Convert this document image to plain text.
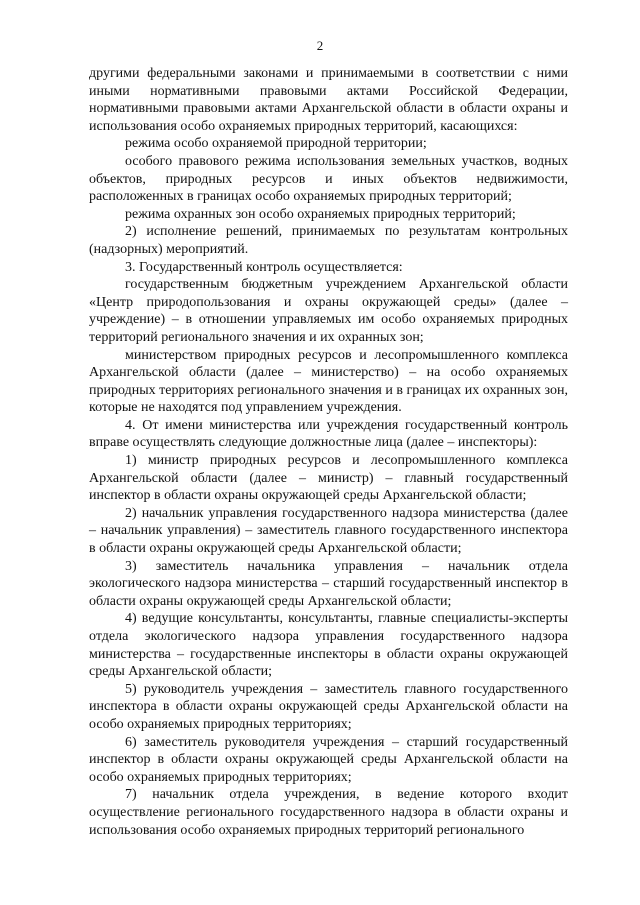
2

другими федеральными законами и принимаемыми в соответствии с ними иными нормативными правовыми актами Российской Федерации, нормативными правовыми актами Архангельской области в области охраны и использования особо охраняемых природных территорий, касающихся:

режима особо охраняемой природной территории;

особого правового режима использования земельных участков, водных объектов, природных ресурсов и иных объектов недвижимости, расположенных в границах особо охраняемых природных территорий;

режима охранных зон особо охраняемых природных территорий;

2) исполнение решений, принимаемых по результатам контрольных (надзорных) мероприятий.

3. Государственный контроль осуществляется:

государственным бюджетным учреждением Архангельской области «Центр природопользования и охраны окружающей среды» (далее – учреждение) – в отношении управляемых им особо охраняемых природных территорий регионального значения и их охранных зон;

министерством природных ресурсов и лесопромышленного комплекса Архангельской области (далее – министерство) – на особо охраняемых природных территориях регионального значения и в границах их охранных зон, которые не находятся под управлением учреждения.

4. От имени министерства или учреждения государственный контроль вправе осуществлять следующие должностные лица (далее – инспекторы):

1) министр природных ресурсов и лесопромышленного комплекса Архангельской области (далее – министр) – главный государственный инспектор в области охраны окружающей среды Архангельской области;

2) начальник управления государственного надзора министерства (далее – начальник управления) – заместитель главного государственного инспектора в области охраны окружающей среды Архангельской области;

3) заместитель начальника управления – начальник отдела экологического надзора министерства – старший государственный инспектор в области охраны окружающей среды Архангельской области;

4) ведущие консультанты, консультанты, главные специалисты-эксперты отдела экологического надзора управления государственного надзора министерства – государственные инспекторы в области охраны окружающей среды Архангельской области;

5) руководитель учреждения – заместитель главного государственного инспектора в области охраны окружающей среды Архангельской области на особо охраняемых природных территориях;

6) заместитель руководителя учреждения – старший государственный инспектор в области охраны окружающей среды Архангельской области на особо охраняемых природных территориях;

7) начальник отдела учреждения, в ведение которого входит осуществление регионального государственного надзора в области охраны и использования особо охраняемых природных территорий регионального
